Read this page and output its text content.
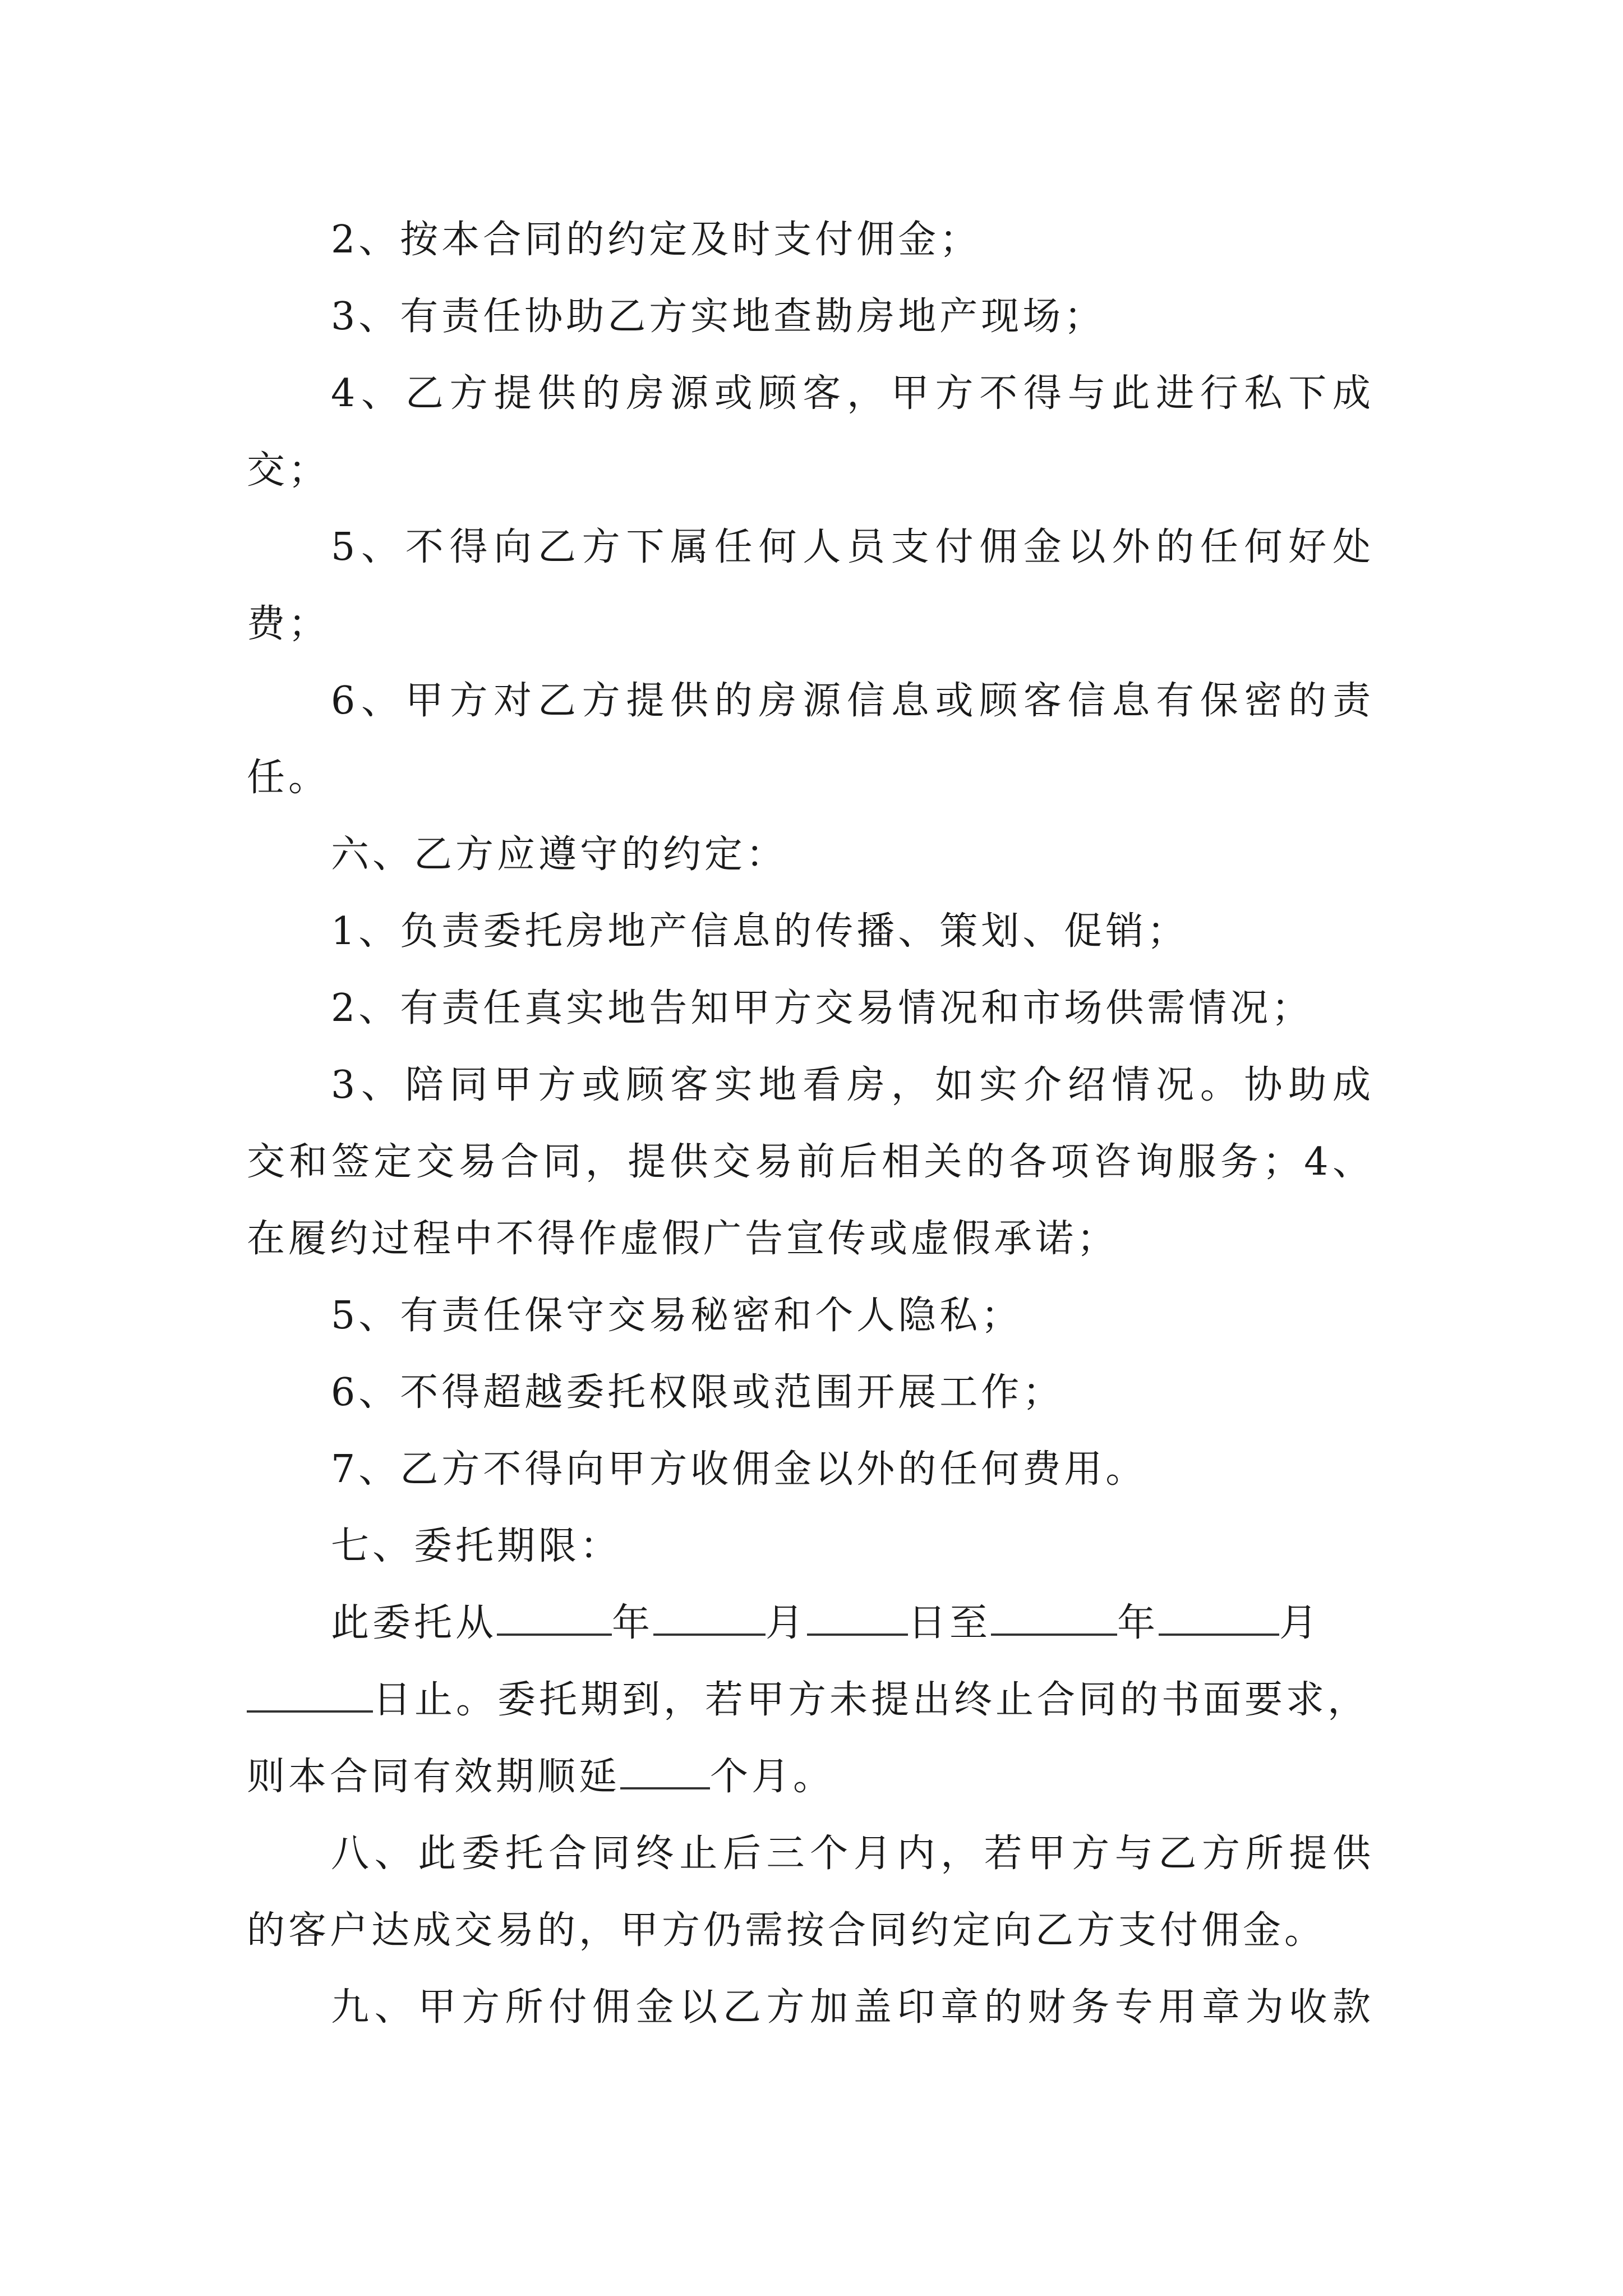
2、按本合同的约定及时支付佣金；
3、有责任协助乙方实地查勘房地产现场；
4、乙方提供的房源或顾客，甲方不得与此进行私下成
交；
5、不得向乙方下属任何人员支付佣金以外的任何好处
费；
6、甲方对乙方提供的房源信息或顾客信息有保密的责
任。
六、乙方应遵守的约定：
1、负责委托房地产信息的传播、策划、促销；
2、有责任真实地告知甲方交易情况和市场供需情况；
3、陪同甲方或顾客实地看房，如实介绍情况。协助成
交和签定交易合同，提供交易前后相关的各项咨询服务；4、
在履约过程中不得作虚假广告宣传或虚假承诺；
5、有责任保守交易秘密和个人隐私；
6、不得超越委托权限或范围开展工作；
7、乙方不得向甲方收佣金以外的任何费用。
七、委托期限：
此委托从	年	月	日至	年	月
日止。委托期到，若甲方未提出终止合同的书面要求，
则本合同有效期顺延 个月。
八、此委托合同终止后三个月内，若甲方与乙方所提供
的客户达成交易的，甲方仍需按合同约定向乙方支付佣金。
九、甲方所付佣金以乙方加盖印章的财务专用章为收款
